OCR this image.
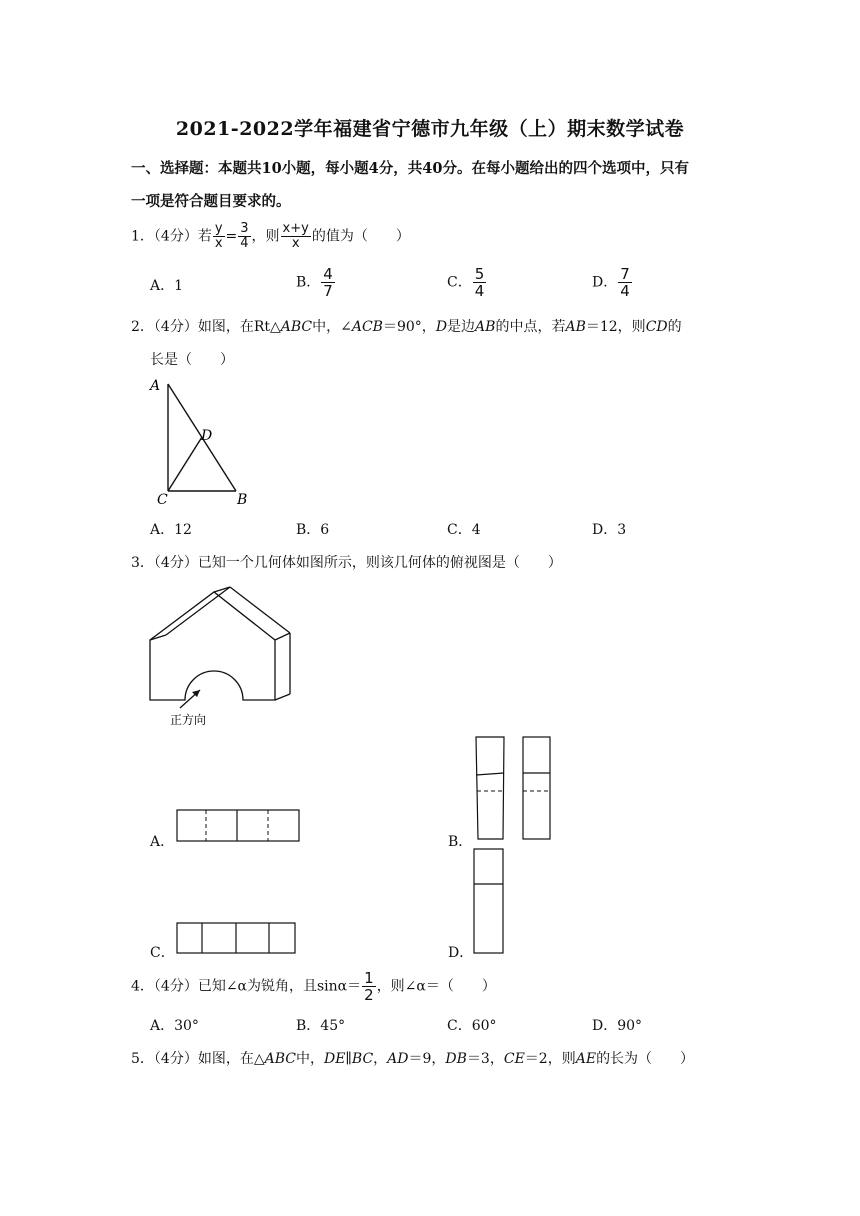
2021-2022学年福建省宁德市九年级（上）期末数学试卷
一、选择题：本题共10小题，每小题4分，共40分。在每小题给出的四个选项中，只有
一项是符合题目要求的。
1．（4分）若 $\frac{y}{x} = \frac{3}{4}$ ，则 $\frac{x+y}{x}$ 的值为（　　）
A．1	B． $\frac{4}{7}$	C． $\frac{5}{4}$	D． $\frac{7}{4}$
2．（4分）如图，在Rt△ABC中，∠ACB＝90°，D是边AB的中点，若AB＝12，则CD的
长是（　　）
A
D
C	B
A．12	B．6	C．4	D．3
3．（4分）已知一个几何体如图所示，则该几何体的俯视图是（　　）
正方向
A．	B．
C．	D．
4．（4分）已知∠α为锐角，且$\sin\alpha= \frac{1}{2}$ ，则∠α＝（　　）
A．30°	B．45°	C．60°	D．90°
5．（4分）如图，在△ABC中，DE∥BC，AD＝9，DB＝3，CE＝2，则AE的长为（　　）
